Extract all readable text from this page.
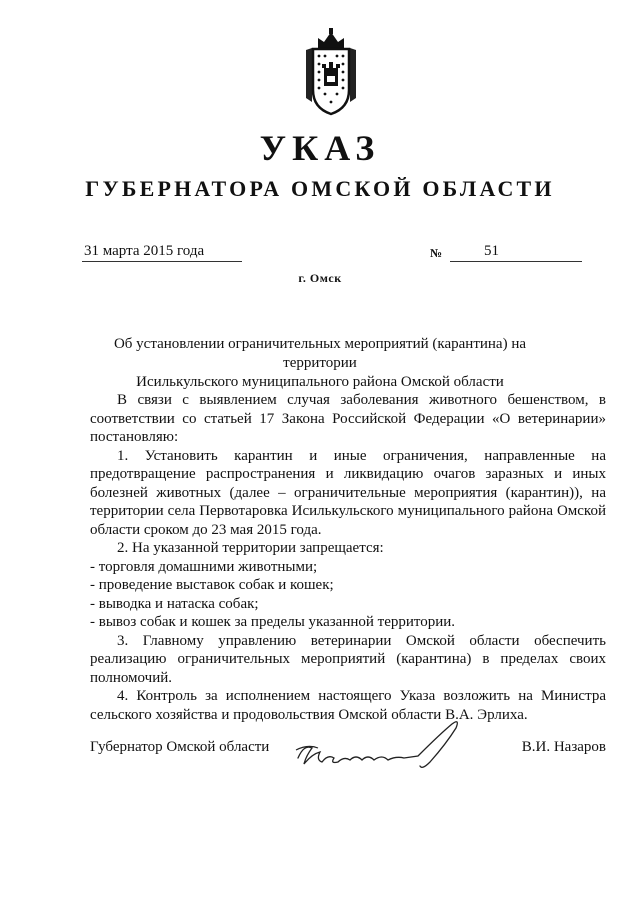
УКАЗ
ГУБЕРНАТОРА ОМСКОЙ ОБЛАСТИ
31 марта 2015 года	№	51
г. Омск
Об установлении ограничительных мероприятий (карантина) на территории
Исилькульского муниципального района Омской области

В связи с выявлением случая заболевания животного бешенством, в соответствии со статьей 17 Закона Российской Федерации «О ветеринарии» постановляю:

1. Установить карантин и иные ограничения, направленные на предотвращение распространения и ликвидацию очагов заразных и иных болезней животных (далее – ограничительные мероприятия (карантин)), на территории села Первотаровка Исилькульского муниципального района Омской области сроком до 23 мая 2015 года.

2. На указанной территории запрещается:

- торговля домашними животными;

- проведение выставок собак и кошек;

- выводка и натаска собак;

- вывоз собак и кошек за пределы указанной территории.

3. Главному управлению ветеринарии Омской области обеспечить реализацию ограничительных мероприятий (карантина) в пределах своих полномочий.

4. Контроль за исполнением настоящего Указа возложить на Министра сельского хозяйства и продовольствия Омской области В.А. Эрлиха.

Губернатор Омской области	В.И. Назаров
